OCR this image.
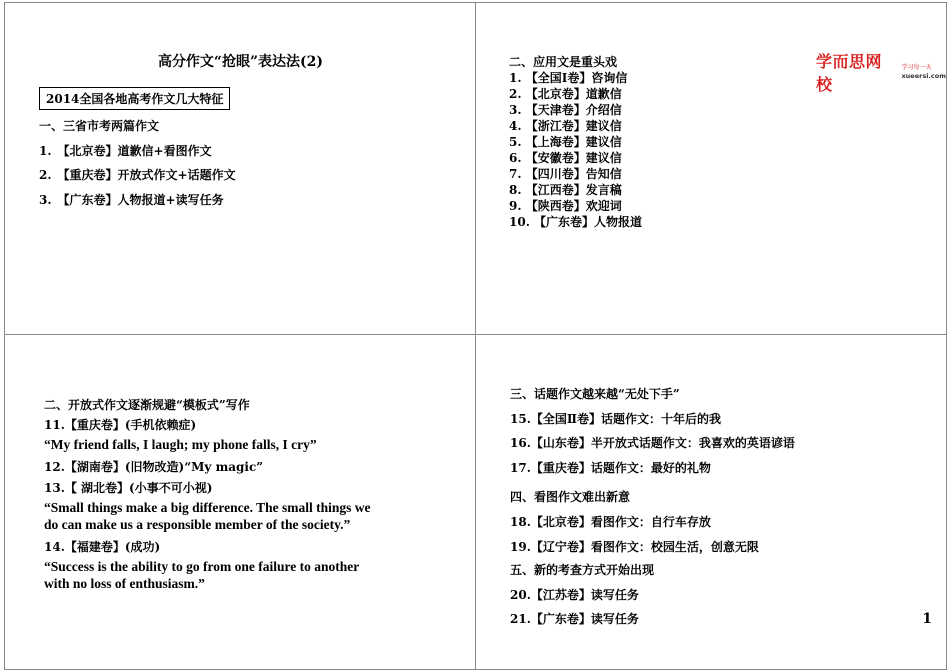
高分作文“抢眼”表达法(2)
2014全国各地高考作文几大特征
一、三省市考两篇作文
1.　【北京卷】道歉信+看图作文
2.　【重庆卷】开放式作文+话题作文
3.　【广东卷】人物报道+读写任务
学而思网校
学习每一天
xueersi.com
二、应用文是重头戏
1. 【全国Ⅰ卷】咨询信
2. 【北京卷】道歉信
3. 【天津卷】介绍信
4. 【浙江卷】建议信
5. 【上海卷】建议信
6. 【安徽卷】建议信
7. 【四川卷】告知信
8. 【江西卷】发言稿
9. 【陕西卷】欢迎词
10. 【广东卷】人物报道
二、开放式作文逐渐规避“模板式”写作
11.【重庆卷】(手机依赖症)
“My friend falls, I laugh; my phone falls, I cry”
12.【湖南卷】(旧物改造)“My magic”
13.【 湖北卷】(小事不可小视)
“Small things make a big difference. The small things we
do can make us a responsible member of the society.”
14.【福建卷】(成功)
“Success is the ability to go from one failure to another
with no loss of enthusiasm.”
三、话题作文越来越“无处下手”
15.【全国Ⅱ卷】话题作文：十年后的我
16.【山东卷】半开放式话题作文：我喜欢的英语谚语
17.【重庆卷】话题作文：最好的礼物
四、看图作文难出新意
18.【北京卷】看图作文：自行车存放
19.【辽宁卷】看图作文：校园生活，创意无限
五、新的考查方式开始出现
20.【江苏卷】读写任务
21.【广东卷】读写任务	1
